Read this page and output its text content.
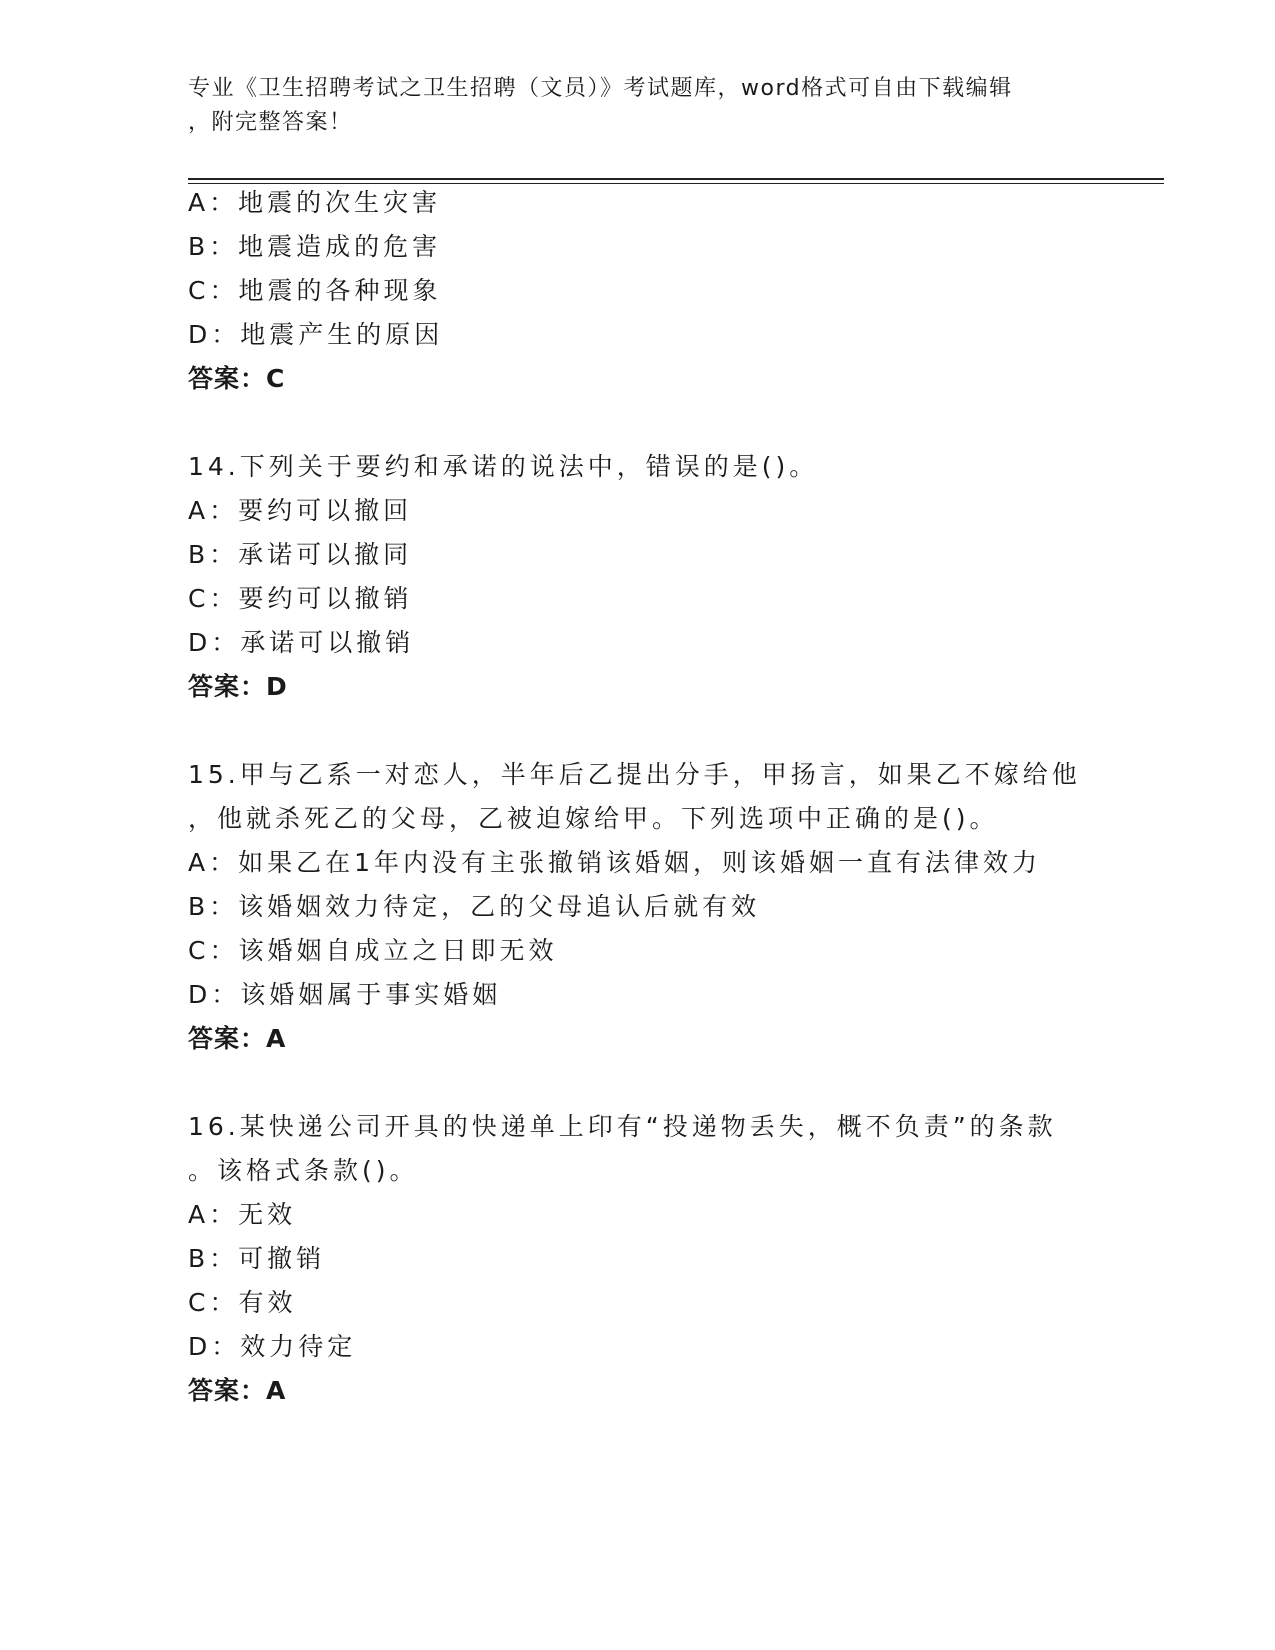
专业《卫生招聘考试之卫生招聘（文员）》考试题库，word格式可自由下载编辑
，附完整答案！
A：地震的次生灾害
B：地震造成的危害
C：地震的各种现象
D：地震产生的原因
答案：C
14.下列关于要约和承诺的说法中，错误的是()。
A：要约可以撤回
B：承诺可以撤同
C：要约可以撤销
D：承诺可以撤销
答案：D
15.甲与乙系一对恋人，半年后乙提出分手，甲扬言，如果乙不嫁给他
，他就杀死乙的父母，乙被迫嫁给甲。下列选项中正确的是()。
A：如果乙在1年内没有主张撤销该婚姻，则该婚姻一直有法律效力
B：该婚姻效力待定，乙的父母追认后就有效
C：该婚姻自成立之日即无效
D：该婚姻属于事实婚姻
答案：A
16.某快递公司开具的快递单上印有“投递物丢失，概不负责”的条款
。该格式条款()。
A：无效
B：可撤销
C：有效
D：效力待定
答案：A
